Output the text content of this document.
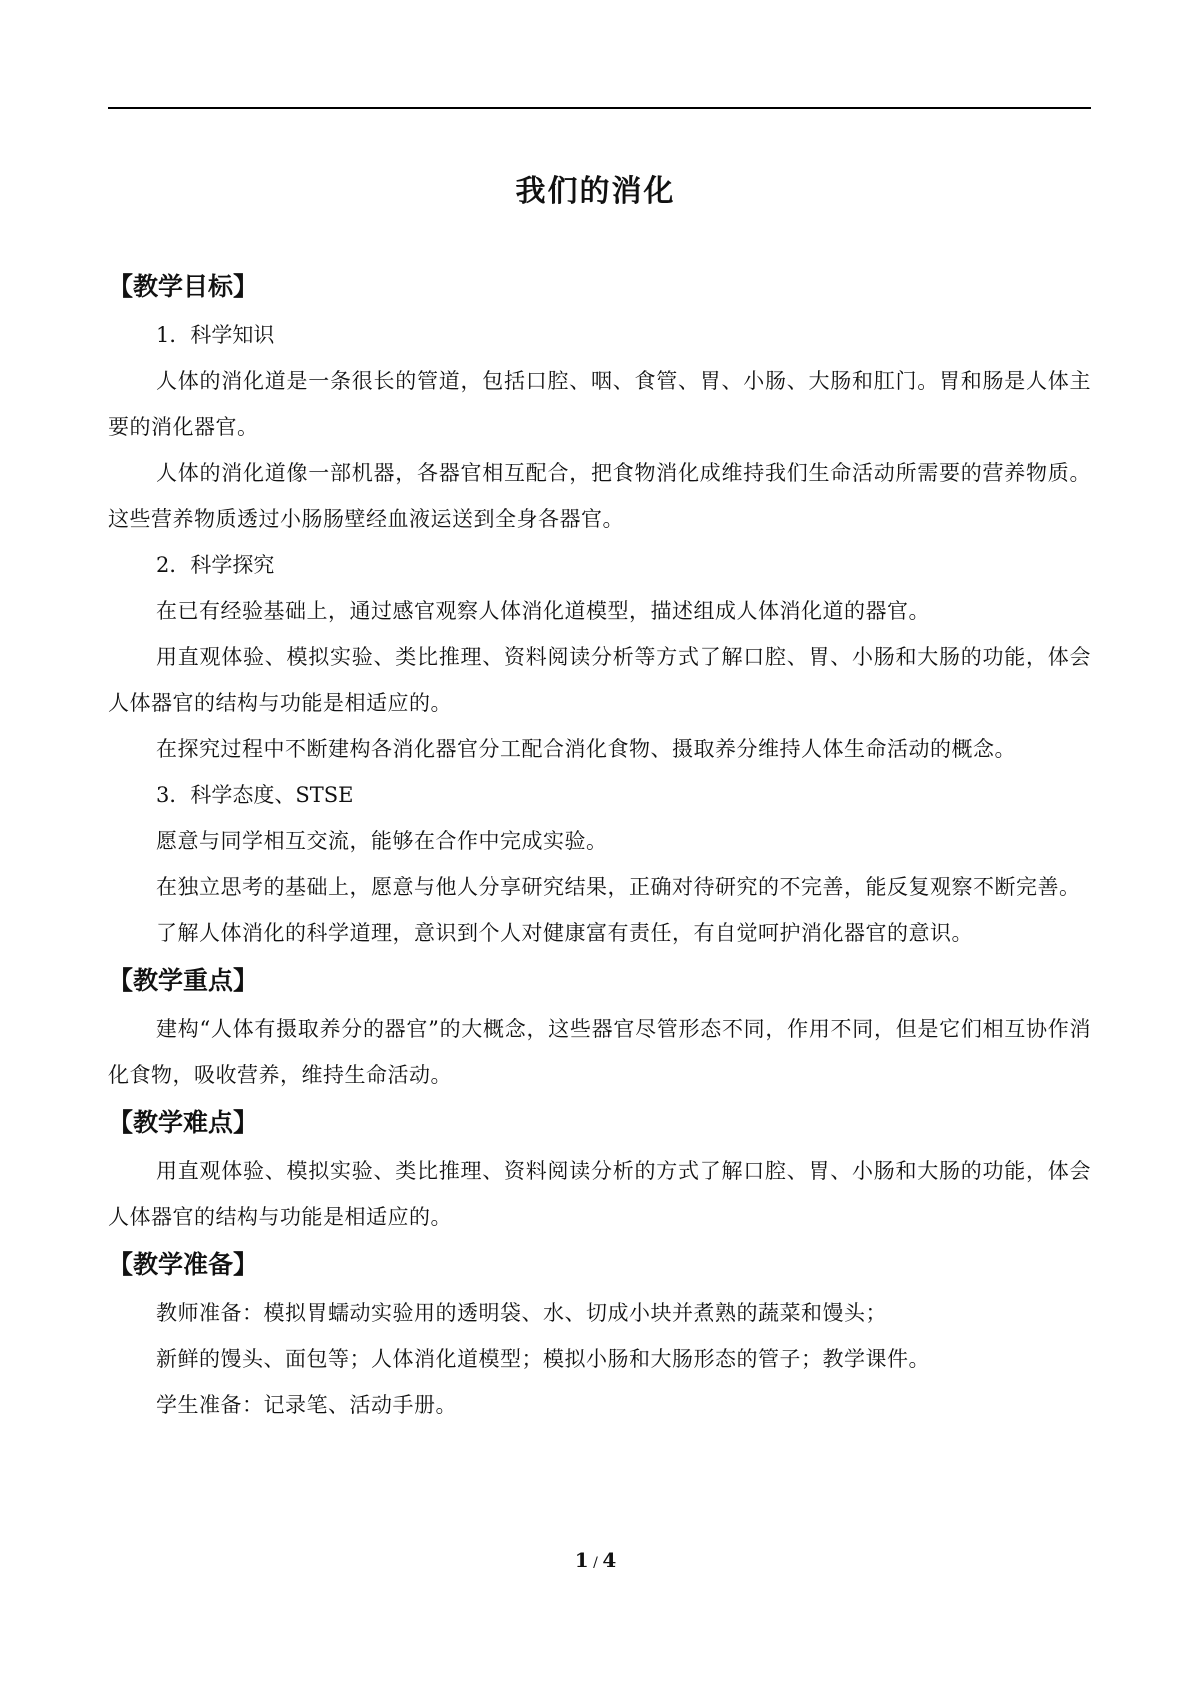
我们的消化
【教学目标】
1．科学知识
人体的消化道是一条很长的管道，包括口腔、咽、食管、胃、小肠、大肠和肛门。胃和肠是人体主要的消化器官。
人体的消化道像一部机器，各器官相互配合，把食物消化成维持我们生命活动所需要的营养物质。这些营养物质透过小肠肠壁经血液运送到全身各器官。
2．科学探究
在已有经验基础上，通过感官观察人体消化道模型，描述组成人体消化道的器官。
用直观体验、模拟实验、类比推理、资料阅读分析等方式了解口腔、胃、小肠和大肠的功能，体会人体器官的结构与功能是相适应的。
在探究过程中不断建构各消化器官分工配合消化食物、摄取养分维持人体生命活动的概念。
3．科学态度、STSE
愿意与同学相互交流，能够在合作中完成实验。
在独立思考的基础上，愿意与他人分享研究结果，正确对待研究的不完善，能反复观察不断完善。
了解人体消化的科学道理，意识到个人对健康富有责任，有自觉呵护消化器官的意识。
【教学重点】
建构“人体有摄取养分的器官”的大概念，这些器官尽管形态不同，作用不同，但是它们相互协作消化食物，吸收营养，维持生命活动。
【教学难点】
用直观体验、模拟实验、类比推理、资料阅读分析的方式了解口腔、胃、小肠和大肠的功能，体会人体器官的结构与功能是相适应的。
【教学准备】
教师准备：模拟胃蠕动实验用的透明袋、水、切成小块并煮熟的蔬菜和馒头；
新鲜的馒头、面包等；人体消化道模型；模拟小肠和大肠形态的管子；教学课件。
学生准备：记录笔、活动手册。
1 / 4
